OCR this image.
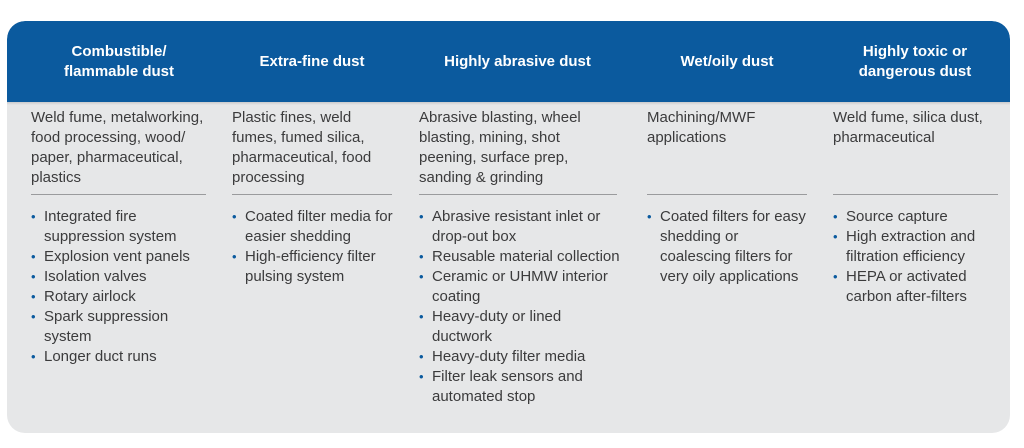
Combustible/
flammable dust
Extra-fine dust	Highly abrasive dust	Wet/oily dust
Highly toxic or
dangerous dust
Weld fume, metalworking, food processing, wood/ paper, pharmaceutical, plastics
• Integrated fire suppression system
• Explosion vent panels
• Isolation valves
• Rotary airlock
• Spark suppression system
• Longer duct runs
Plastic fines, weld fumes, fumed silica, pharmaceutical, food processing
• Coated filter media for easier shedding
• High-efficiency filter pulsing system
Abrasive blasting, wheel blasting, mining, shot peening, surface prep, sanding & grinding
• Abrasive resistant inlet or drop-out box
• Reusable material collection
• Ceramic or UHMW interior coating
• Heavy-duty or lined ductwork
• Heavy-duty filter media
• Filter leak sensors and automated stop
Machining/MWF applications
• Coated filters for easy shedding or coalescing filters for very oily applications
Weld fume, silica dust, pharmaceutical
• Source capture
• High extraction and filtration efficiency
• HEPA or activated carbon after-filters
